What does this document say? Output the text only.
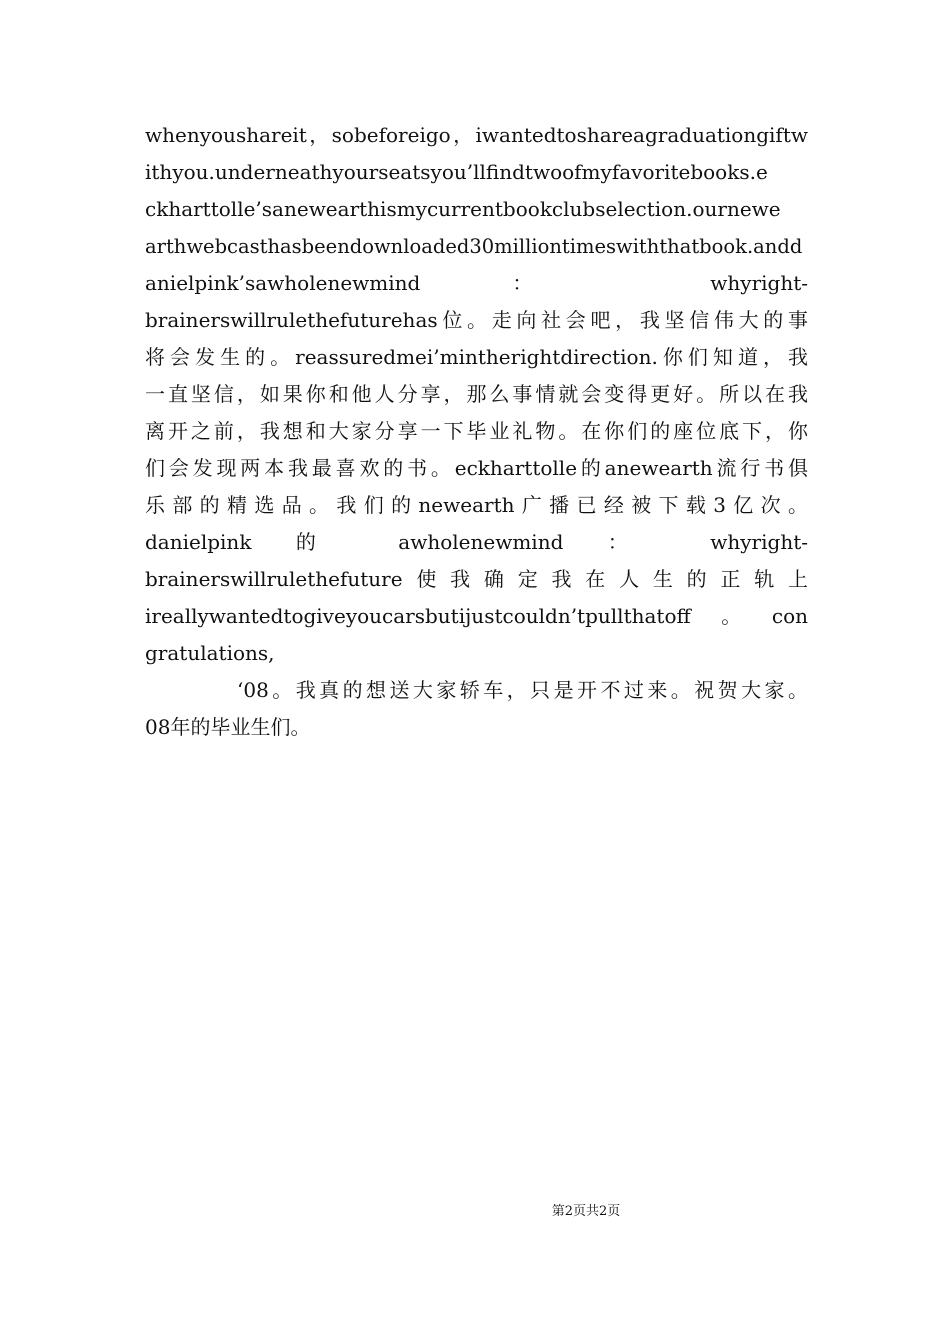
whenyoushareit，sobeforeigo，iwantedtoshareagraduationgiftw
ithyou.underneathyourseatsyou’llfindtwoofmyfavoritebooks.e
ckharttolle’sanewearthismycurrentbookclubselection.ournewe
arthwebcasthasbeendownloaded30milliontimeswiththatbook.andd
anielpink’sawholenewmind ： whyright-
brainerswillrulethefuturehas位。走向社会吧，我坚信伟大的事
将会发生的。reassuredmei’mintherightdirection.你们知道，我
一直坚信，如果你和他人分享，那么事情就会变得更好。所以在我
离开之前，我想和大家分享一下毕业礼物。在你们的座位底下，你
们会发现两本我最喜欢的书。eckharttolle的anewearth流行书俱
乐部的精选品。我们的newearth广播已经被下载3亿次。
danielpink 的 awholenewmind ： whyright-
brainerswillrulethefuture使我确定我在人生的正轨上
ireallywantedtogiveyoucarsbutijustcouldn’tpullthatoff。con
gratulations,
‘08。我真的想送大家轿车，只是开不过来。祝贺大家。
08年的毕业生们。
第2页共2页
